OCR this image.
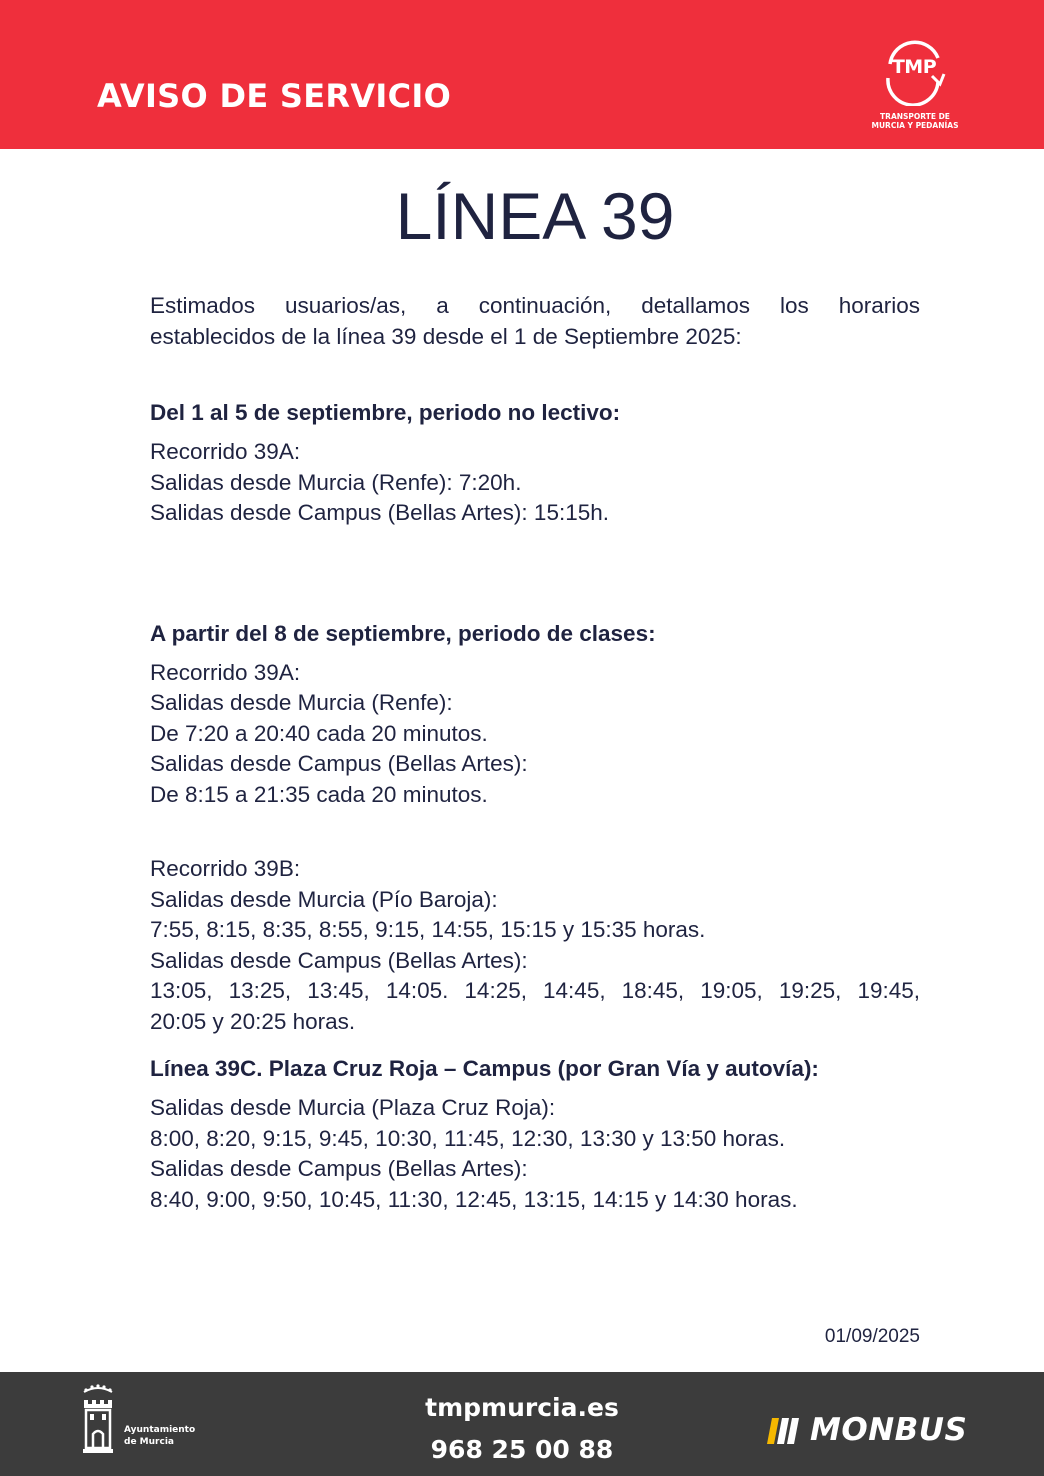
AVISO DE SERVICIO
TMP
TRANSPORTE DE
MURCIA Y PEDANÍAS
LÍNEA 39

Estimados usuarios/as, a continuación, detallamos los horarios

establecidos de la línea 39 desde el 1 de Septiembre 2025:

Del 1 al 5 de septiembre, periodo no lectivo:

Recorrido 39A:

Salidas desde Murcia (Renfe): 7:20h.

Salidas desde Campus (Bellas Artes): 15:15h.

A partir del 8 de septiembre, periodo de clases:

Recorrido 39A:

Salidas desde Murcia (Renfe):

De 7:20 a 20:40 cada 20 minutos.

Salidas desde Campus (Bellas Artes):

De 8:15 a 21:35 cada 20 minutos.

Recorrido 39B:

Salidas desde Murcia (Pío Baroja):

7:55, 8:15, 8:35, 8:55, 9:15, 14:55, 15:15 y 15:35 horas.

Salidas desde Campus (Bellas Artes):

13:05, 13:25, 13:45, 14:05. 14:25, 14:45, 18:45, 19:05, 19:25, 19:45,

20:05 y 20:25 horas.

Línea 39C. Plaza Cruz Roja – Campus (por Gran Vía y autovía):

Salidas desde Murcia (Plaza Cruz Roja):

8:00, 8:20, 9:15, 9:45, 10:30, 11:45, 12:30, 13:30 y 13:50 horas.

Salidas desde Campus (Bellas Artes):

8:40, 9:00, 9:50, 10:45, 11:30, 12:45, 13:15, 14:15 y 14:30 horas.

01/09/2025
Ayuntamiento
de Murcia
tmpmurcia.es
968 25 00 88
MONBUS
